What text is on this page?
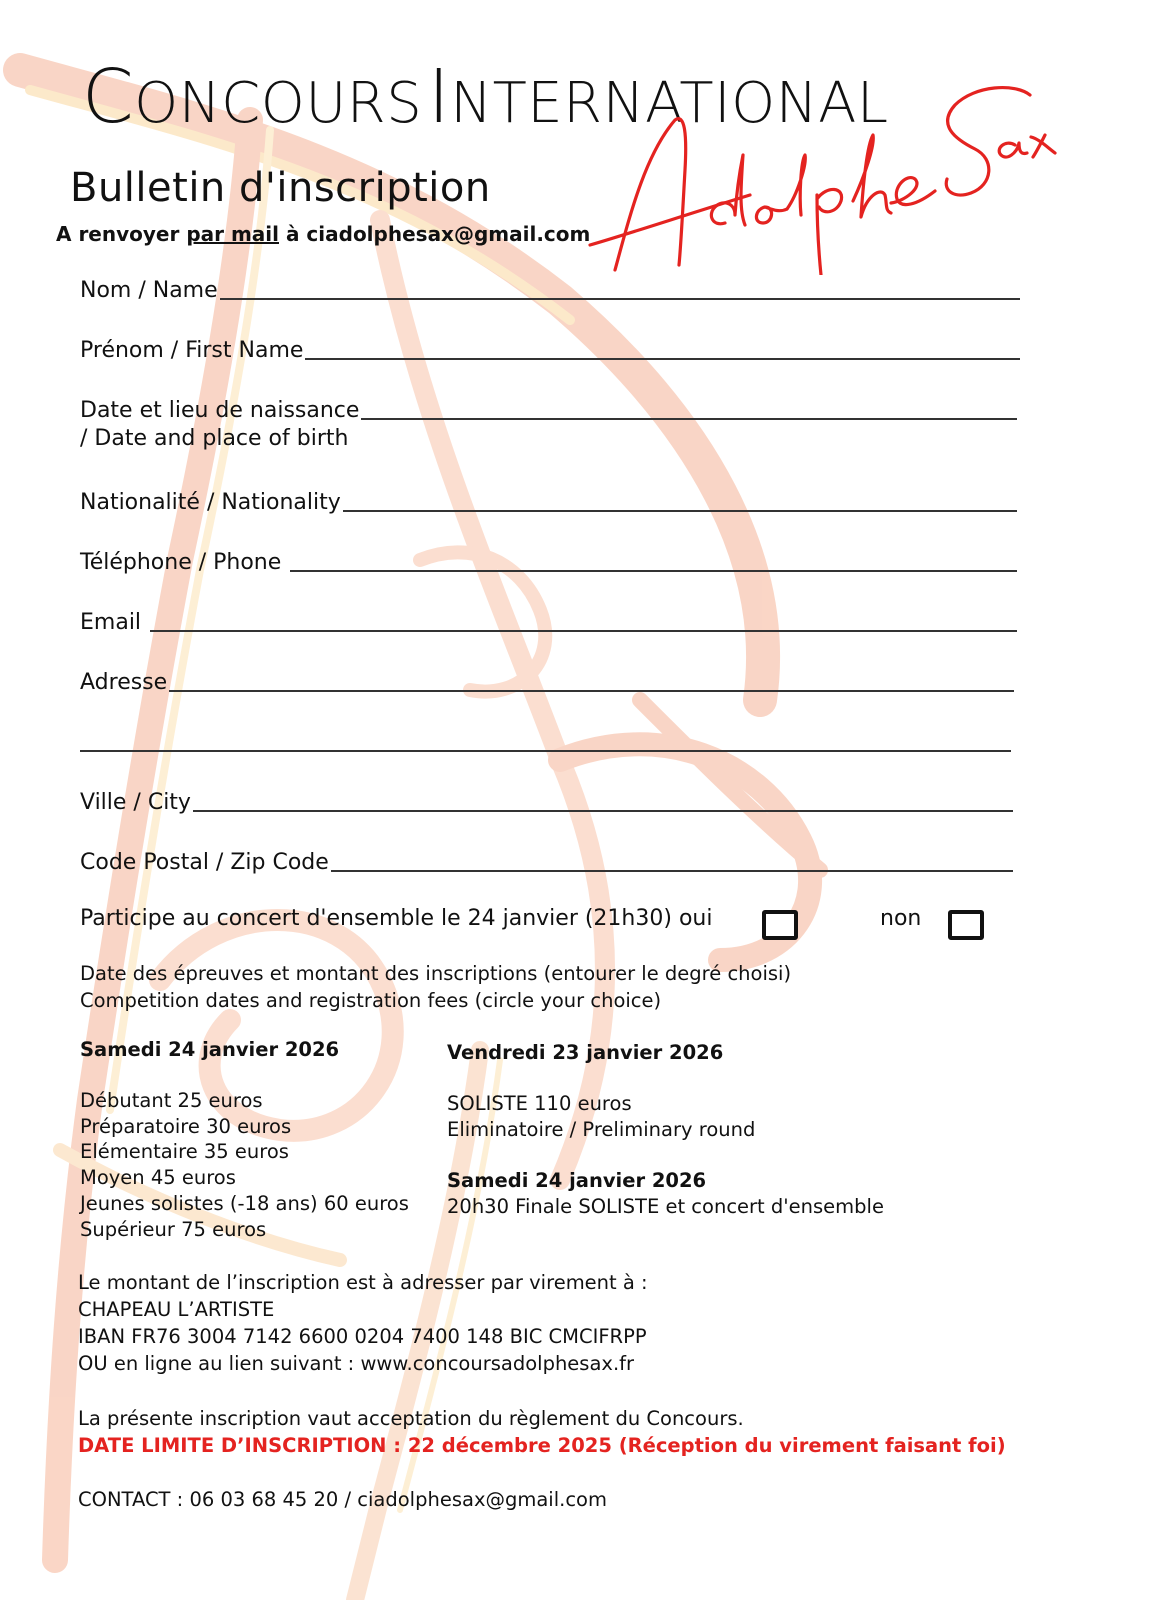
CONCOURS INTERNATIONAL
Bulletin d'inscription
A renvoyer par mail à ciadolphesax@gmail.com
Nom / Name
Prénom / First Name
Date et lieu de naissance
/ Date and place of birth
Nationalité / Nationality
Téléphone / Phone
Email
Adresse
Ville / City
Code Postal / Zip Code
Participe au concert d'ensemble le 24 janvier (21h30) oui	non
Date des épreuves et montant des inscriptions (entourer le degré choisi)
Competition dates and registration fees (circle your choice)
Samedi 24 janvier 2026
Débutant 25 euros
Préparatoire 30 euros
Elémentaire 35 euros
Moyen 45 euros
Jeunes solistes (-18 ans) 60 euros
Supérieur 75 euros
Vendredi 23 janvier 2026
SOLISTE 110 euros
Eliminatoire / Preliminary round
Samedi 24 janvier 2026
20h30 Finale SOLISTE et concert d'ensemble
Le montant de l’inscription est à adresser par virement à :
CHAPEAU L’ARTISTE
IBAN FR76 3004 7142 6600 0204 7400 148 BIC CMCIFRPP
OU en ligne au lien suivant : www.concoursadolphesax.fr
La présente inscription vaut acceptation du règlement du Concours.
DATE LIMITE D’INSCRIPTION : 22 décembre 2025 (Réception du virement faisant foi)
CONTACT : 06 03 68 45 20 / ciadolphesax@gmail.com
